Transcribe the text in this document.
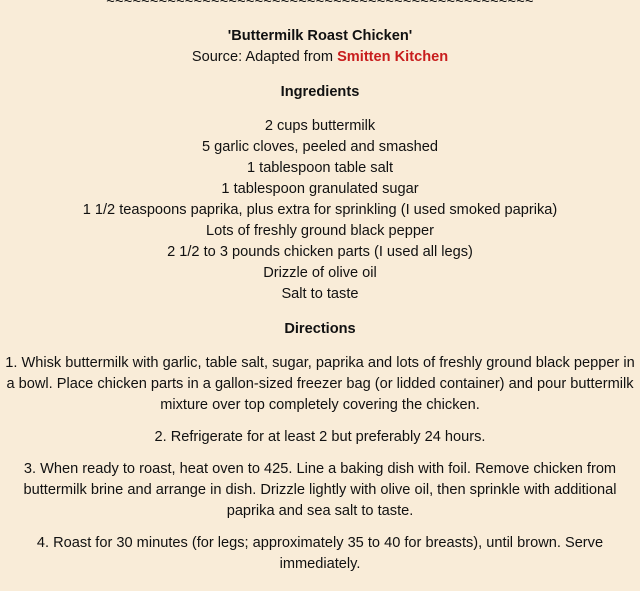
~~~~~~~~~~~~~~~~~~~~~~~~~~~~~~~~~~~~~~~~~~~~~~~~~

'Buttermilk Roast Chicken'

Source: Adapted from Smitten Kitchen

Ingredients
2 cups buttermilk
5 garlic cloves, peeled and smashed
1 tablespoon table salt
1 tablespoon granulated sugar
1 1/2 teaspoons paprika, plus extra for sprinkling (I used smoked paprika)
Lots of freshly ground black pepper
2 1/2 to 3 pounds chicken parts (I used all legs)
Drizzle of olive oil
Salt to taste
Directions

1. Whisk buttermilk with garlic, table salt, sugar, paprika and lots of freshly ground black pepper in a bowl. Place chicken parts in a gallon-sized freezer bag (or lidded container) and pour buttermilk mixture over top completely covering the chicken.

2. Refrigerate for at least 2 but preferably 24 hours.

3. When ready to roast, heat oven to 425. Line a baking dish with foil. Remove chicken from buttermilk brine and arrange in dish. Drizzle lightly with olive oil, then sprinkle with additional paprika and sea salt to taste.

4. Roast for 30 minutes (for legs; approximately 35 to 40 for breasts), until brown. Serve immediately.
